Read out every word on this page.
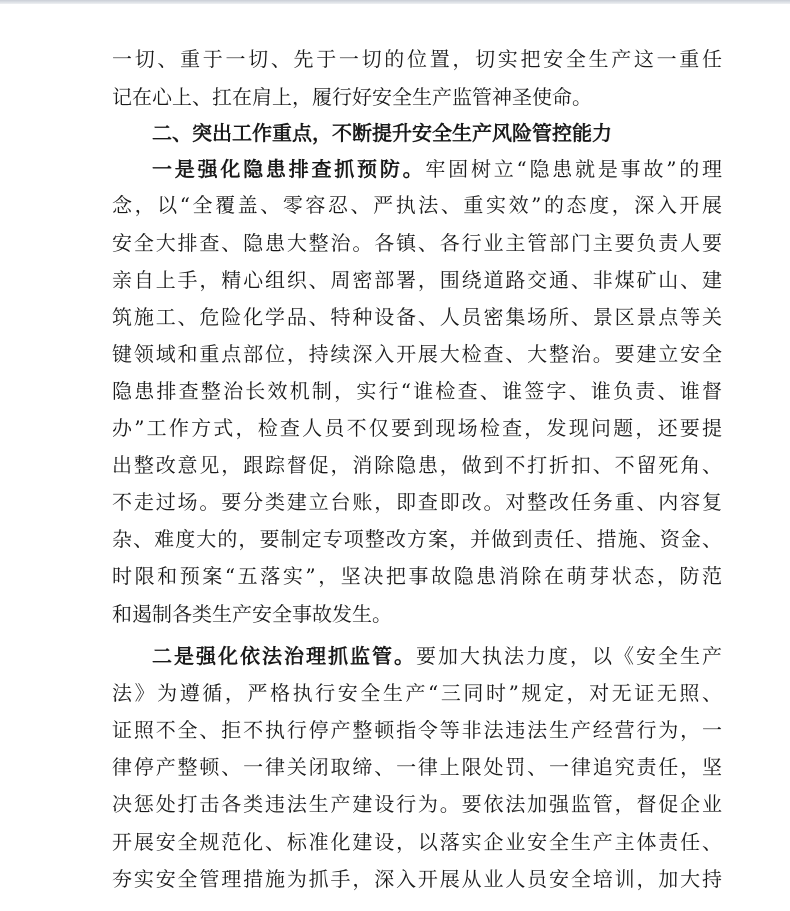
一切、重于一切、先于一切的位置，切实把安全生产这一重任
记在心上、扛在肩上，履行好安全生产监管神圣使命。
二、突出工作重点，不断提升安全生产风险管控能力
一是强化隐患排查抓预防。牢固树立“隐患就是事故”的理
念，以“全覆盖、零容忍、严执法、重实效”的态度，深入开展
安全大排查、隐患大整治。各镇、各行业主管部门主要负责人要
亲自上手，精心组织、周密部署，围绕道路交通、非煤矿山、建
筑施工、危险化学品、特种设备、人员密集场所、景区景点等关
键领域和重点部位，持续深入开展大检查、大整治。要建立安全
隐患排查整治长效机制，实行“谁检查、谁签字、谁负责、谁督
办”工作方式，检查人员不仅要到现场检查，发现问题，还要提
出整改意见，跟踪督促，消除隐患，做到不打折扣、不留死角、
不走过场。要分类建立台账，即查即改。对整改任务重、内容复
杂、难度大的，要制定专项整改方案，并做到责任、措施、资金、
时限和预案“五落实”，坚决把事故隐患消除在萌芽状态，防范
和遏制各类生产安全事故发生。
二是强化依法治理抓监管。要加大执法力度，以《安全生产
法》为遵循，严格执行安全生产“三同时”规定，对无证无照、
证照不全、拒不执行停产整顿指令等非法违法生产经营行为，一
律停产整顿、一律关闭取缔、一律上限处罚、一律追究责任，坚
决惩处打击各类违法生产建设行为。要依法加强监管，督促企业
开展安全规范化、标准化建设，以落实企业安全生产主体责任、
夯实安全管理措施为抓手，深入开展从业人员安全培训，加大持
